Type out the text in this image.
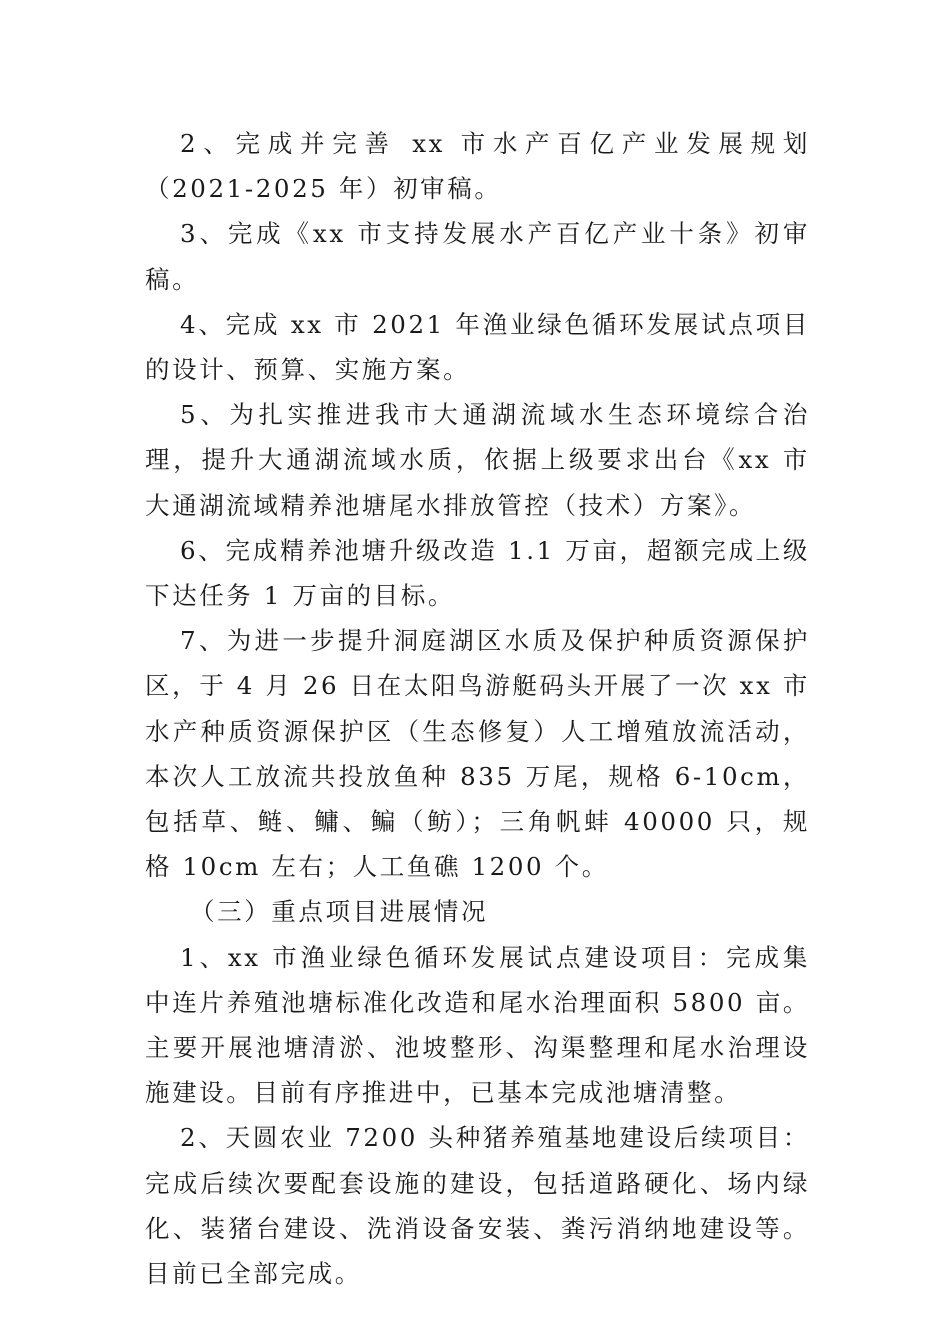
2、完成并完善 xx 市水产百亿产业发展规划（2021-2025 年）初审稿。

3、完成《xx 市支持发展水产百亿产业十条》初审稿。

4、完成 xx 市 2021 年渔业绿色循环发展试点项目的设计、预算、实施方案。

5、为扎实推进我市大通湖流域水生态环境综合治理，提升大通湖流域水质，依据上级要求出台《xx 市大通湖流域精养池塘尾水排放管控（技术）方案》。

6、完成精养池塘升级改造 1.1 万亩，超额完成上级下达任务 1 万亩的目标。

7、为进一步提升洞庭湖区水质及保护种质资源保护区，于 4 月 26 日在太阳鸟游艇码头开展了一次 xx 市水产种质资源保护区（生态修复）人工增殖放流活动，本次人工放流共投放鱼种 835 万尾，规格 6-10cm，包括草、鲢、鳙、鳊（鲂）；三角帆蚌 40000 只，规格 10cm 左右；人工鱼礁 1200 个。

（三）重点项目进展情况

1、xx 市渔业绿色循环发展试点建设项目：完成集中连片养殖池塘标准化改造和尾水治理面积 5800 亩。主要开展池塘清淤、池坡整形、沟渠整理和尾水治理设施建设。目前有序推进中，已基本完成池塘清整。

2、天圆农业 7200 头种猪养殖基地建设后续项目：完成后续次要配套设施的建设，包括道路硬化、场内绿化、装猪台建设、洗消设备安装、粪污消纳地建设等。目前已全部完成。
